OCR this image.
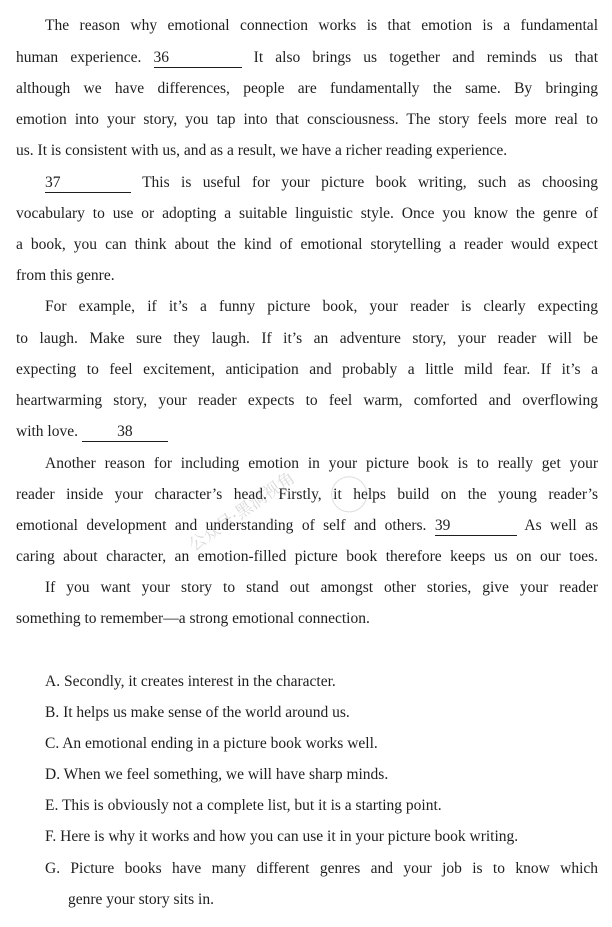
The reason why emotional connection works is that emotion is a fundamental
human experience. 36	It also brings us together and reminds us that
although we have differences, people are fundamentally the same. By bringing
emotion into your story, you tap into that consciousness. The story feels more real to
us. It is consistent with us, and as a result, we have a richer reading experience.
37	This is useful for your picture book writing, such as choosing
vocabulary to use or adopting a suitable linguistic style. Once you know the genre of
a book, you can think about the kind of emotional storytelling a reader would expect
from this genre.
For example, if it’s a funny picture book, your reader is clearly expecting
to laugh. Make sure they laugh. If it’s an adventure story, your reader will be
expecting to feel excitement, anticipation and probably a little mild fear. If it’s a
heartwarming story, your reader expects to feel warm, comforted and overflowing
with love.	38
Another reason for including emotion in your picture book is to really get your
reader inside your character’s head. Firstly, it helps build on the young reader’s
emotional development and understanding of self and others. 39	As well as
caring about character, an emotion-filled picture book therefore keeps us on our toes.
If you want your story to stand out amongst other stories, give your reader
something to remember—a strong emotional connection.
公众号·黑洞视角
A. Secondly, it creates interest in the character.
B. It helps us make sense of the world around us.
C. An emotional ending in a picture book works well.
D. When we feel something, we will have sharp minds.
E. This is obviously not a complete list, but it is a starting point.
F. Here is why it works and how you can use it in your picture book writing.
G. Picture books have many different genres and your job is to know which
genre your story sits in.
